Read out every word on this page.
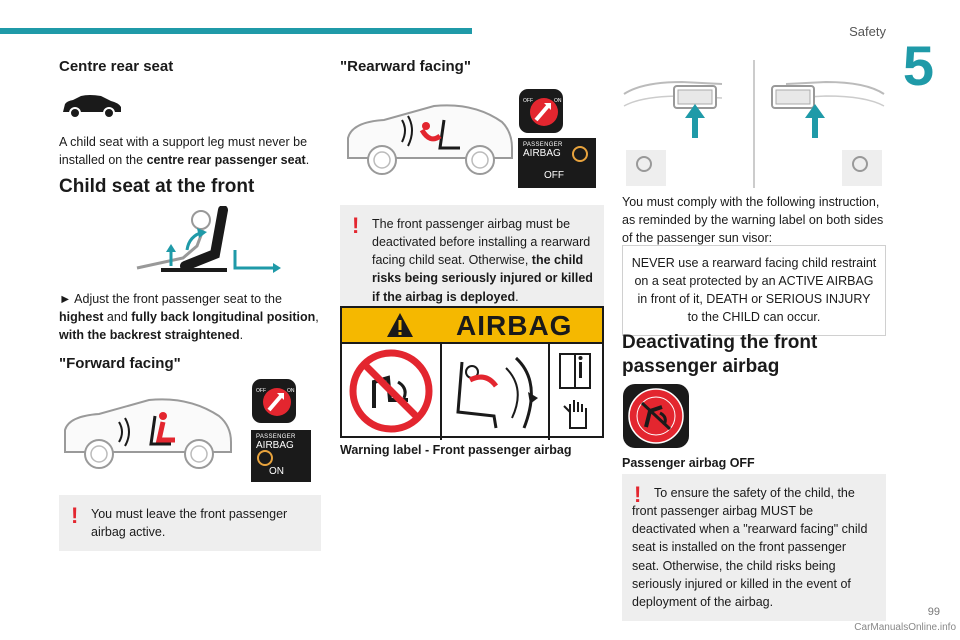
Safety
5
Centre rear seat

A child seat with a support leg must never be installed on the centre rear passenger seat.

Child seat at the front

► Adjust the front passenger seat to the highest and fully back longitudinal position, with the backrest straightened.

"Forward facing"
OFF	ON
PASSENGER
AIRBAG
ON
!	You must leave the front passenger airbag active.
"Rearward facing"
OFF	ON
PASSENGER
AIRBAG
OFF
!	The front passenger airbag must be deactivated before installing a rearward facing child seat. Otherwise, the child risks being seriously injured or killed if the airbag is deployed.
AIRBAG
Warning label - Front passenger airbag

You must comply with the following instruction, as reminded by the warning label on both sides of the passenger sun visor:

NEVER use a rearward facing child restraint on a seat protected by an ACTIVE AIRBAG in front of it, DEATH or SERIOUS INJURY to the CHILD can occur.
Deactivating the front passenger airbag
Passenger airbag OFF
!	To ensure the safety of the child, the front passenger airbag MUST be deactivated when a "rearward facing" child seat is installed on the front passenger seat. Otherwise, the child risks being seriously injured or killed in the event of deployment of the airbag.
99
CarManualsOnline.info
